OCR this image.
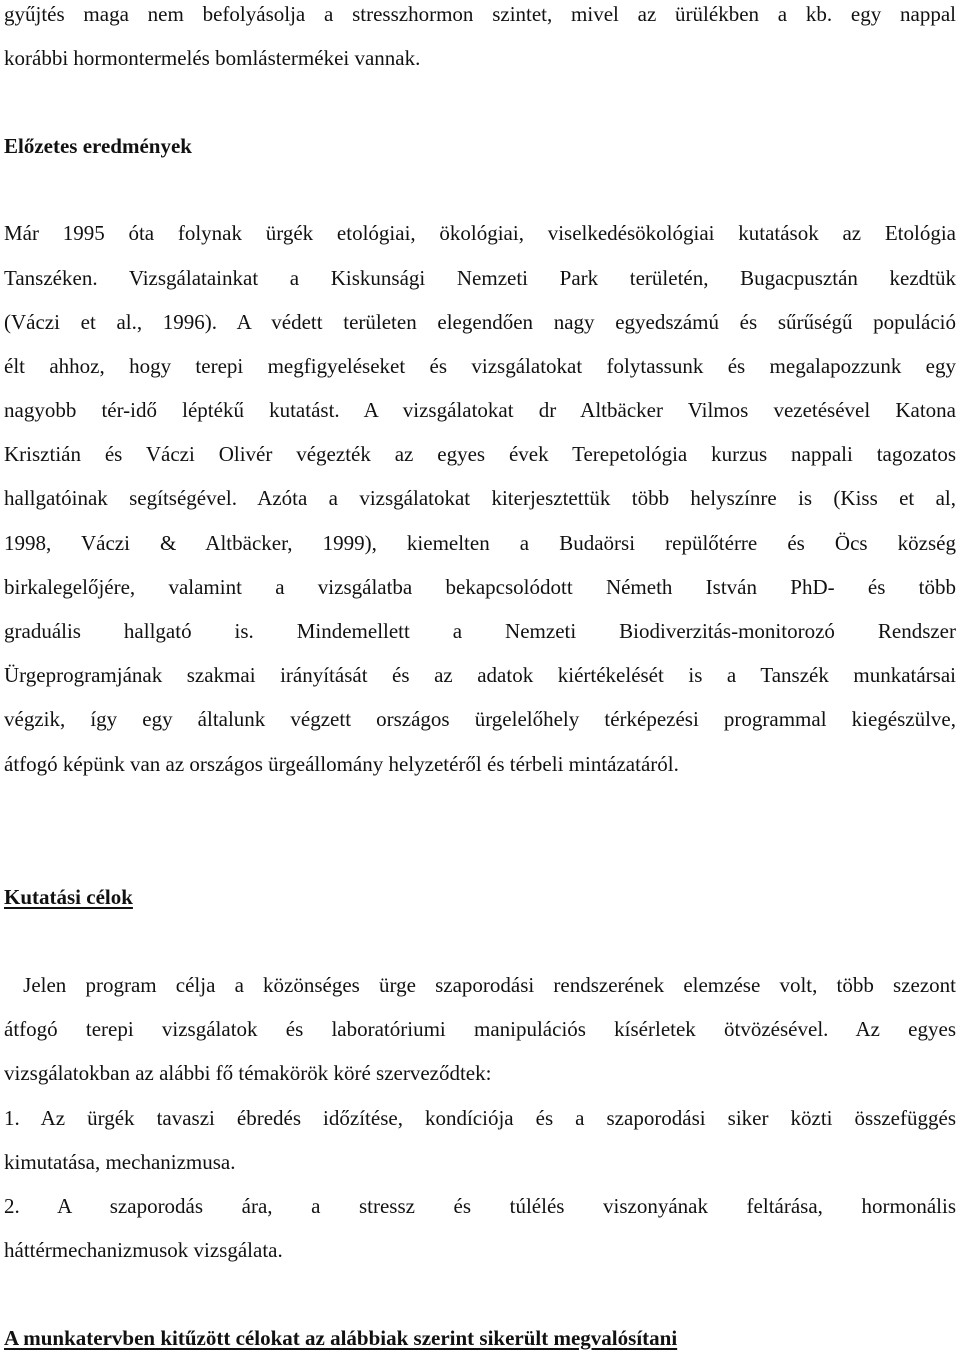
gyűjtés maga nem befolyásolja a stresszhormon szintet, mivel az ürülékben a kb. egy nappal
korábbi hormontermelés bomlástermékei vannak.
Előzetes eredmények
Már 1995 óta folynak ürgék etológiai, ökológiai, viselkedésökológiai kutatások az Etológia
Tanszéken. Vizsgálatainkat a Kiskunsági Nemzeti Park területén, Bugacpusztán kezdtük
(Váczi et al., 1996). A védett területen elegendően nagy egyedszámú és sűrűségű populáció
élt ahhoz, hogy terepi megfigyeléseket és vizsgálatokat folytassunk és megalapozzunk egy
nagyobb tér-idő léptékű kutatást. A vizsgálatokat dr Altbäcker Vilmos vezetésével Katona
Krisztián és Váczi Olivér végezték az egyes évek Terepetológia kurzus nappali tagozatos
hallgatóinak segítségével. Azóta a vizsgálatokat kiterjesztettük több helyszínre is (Kiss et al,
1998, Váczi & Altbäcker, 1999), kiemelten a Budaörsi repülőtérre és Öcs község
birkalegelőjére, valamint a vizsgálatba bekapcsolódott Németh István PhD- és több
graduális hallgató is. Mindemellett a Nemzeti Biodiverzitás-monitorozó Rendszer
Ürgeprogramjának szakmai irányítását és az adatok kiértékelését is a Tanszék munkatársai
végzik, így egy általunk végzett országos ürgelelőhely térképezési programmal kiegészülve,
átfogó képünk van az országos ürgeállomány helyzetéről és térbeli mintázatáról.
Kutatási célok
Jelen program célja a közönséges ürge szaporodási rendszerének elemzése volt, több szezont
átfogó terepi vizsgálatok és laboratóriumi manipulációs kísérletek ötvözésével. Az egyes
vizsgálatokban az alábbi fő témakörök köré szerveződtek:
1. Az ürgék tavaszi ébredés időzítése, kondíciója és a szaporodási siker közti összefüggés
kimutatása, mechanizmusa.
2. A szaporodás ára, a stressz és túlélés viszonyának feltárása, hormonális
háttérmechanizmusok vizsgálata.
A munkatervben kitűzött célokat az alábbiak szerint sikerült megvalósítani
